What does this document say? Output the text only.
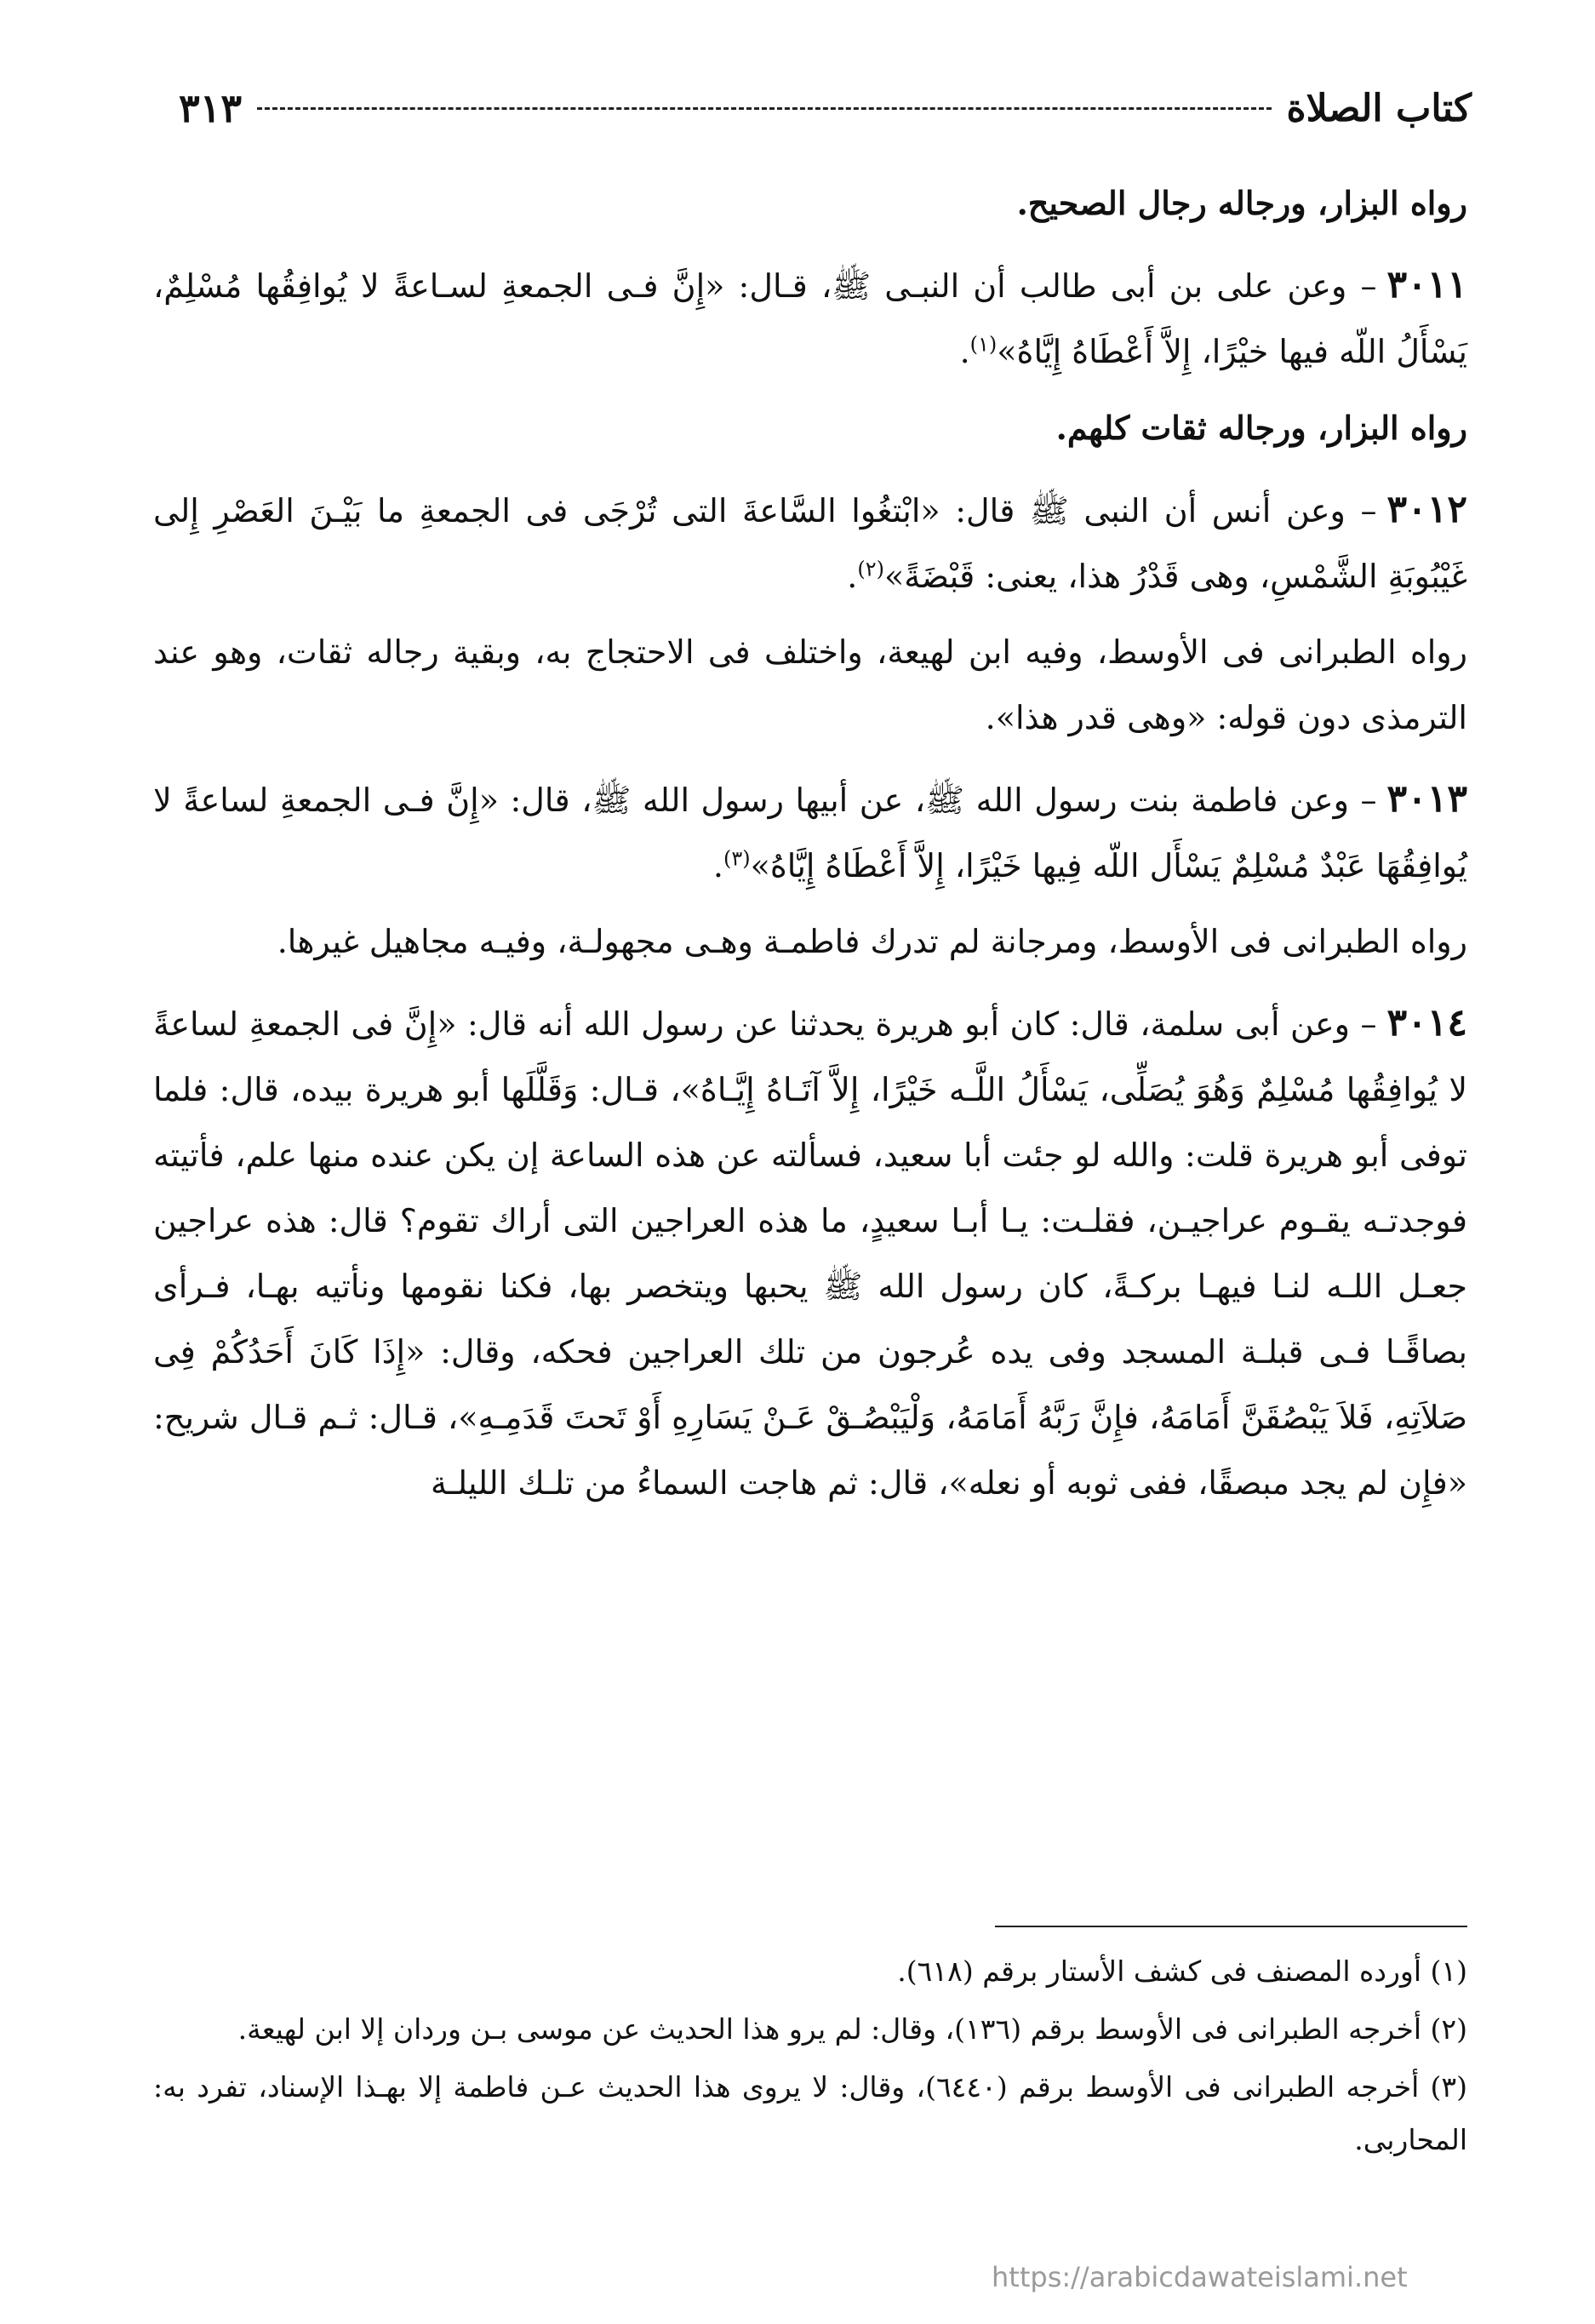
كتاب الصلاة
٣١٣

رواه البزار، ورجاله رجال الصحيح.

٣٠١١– وعن على بن أبى طالب أن النبـى ﷺ، قـال: «إِنَّ فـى الجمعةِ لسـاعةً لا يُوافِقُها مُسْلِمٌ، يَسْأَلُ اللّه فيها خيْرًا، إِلاَّ أَعْطَاهُ إِيَّاهُ»$^{(١)}$.

رواه البزار، ورجاله ثقات كلهم.

٣٠١٢– وعن أنس أن النبى ﷺ قال: «ابْتغُوا السَّاعةَ التى تُرْجَى فى الجمعةِ ما بَيْـنَ العَصْرِ إِلى غَيْبُوبَةِ الشَّمْسِ، وهى قَدْرُ هذا، يعنى: قَبْضَةً»$^{(٢)}$.

رواه الطبرانى فى الأوسط، وفيه ابن لهيعة، واختلف فى الاحتجاج به، وبقية رجاله ثقات، وهو عند الترمذى دون قوله: «وهى قدر هذا».

٣٠١٣– وعن فاطمة بنت رسول الله ﷺ، عن أبيها رسول الله ﷺ، قال: «إِنَّ فـى الجمعةِ لساعةً لا يُوافِقُهَا عَبْدٌ مُسْلِمٌ يَسْأَل اللّه فِيها خَيْرًا، إِلاَّ أَعْطَاهُ إِيَّاهُ»$^{(٣)}$.

رواه الطبرانى فى الأوسط، ومرجانة لم تدرك فاطمـة وهـى مجهولـة، وفيـه مجاهيل غيرها.

٣٠١٤– وعن أبى سلمة، قال: كان أبو هريرة يحدثنا عن رسول الله أنه قال: «إِنَّ فى الجمعةِ لساعةً لا يُوافِقُها مُسْلِمٌ وَهُوَ يُصَلِّى، يَسْأَلُ اللَّـه خَيْرًا، إِلاَّ آتَـاهُ إِيَّـاهُ»، قـال: وَقَلَّلَها أبو هريرة بيده، قال: فلما توفى أبو هريرة قلت: والله لو جئت أبا سعيد، فسألته عن هذه الساعة إن يكن عنده منها علم، فأتيته فوجدتـه يقـوم عراجيـن، فقلـت: يـا أبـا سعيدٍ، ما هذه العراجين التى أراك تقوم؟ قال: هذه عراجين جعـل اللـه لنـا فيهـا بركـةً، كان رسول الله ﷺ يحبها ويتخصر بها، فكنا نقومها ونأتيه بهـا، فـرأى بصاقًـا فـى قبلـة المسجد وفى يده عُرجون من تلك العراجين فحكه، وقال: «إِذَا كَانَ أَحَدُكُمْ فِى صَلاَتِهِ، فَلاَ يَبْصُقَنَّ أَمَامَهُ، فإِنَّ رَبَّهُ أَمَامَهُ، وَلْيَبْصُـقْ عَـنْ يَسَارِهِ أَوْ تَحتَ قَدَمِـهِ»، قـال: ثـم قـال شريح: «فإِن لم يجد مبصقًا، ففى ثوبه أو نعله»، قال: ثم هاجت السماءُ من تلـك الليلـة

(١) أورده المصنف فى كشف الأستار برقم (٦١٨).

(٢) أخرجه الطبرانى فى الأوسط برقم (١٣٦)، وقال: لم يرو هذا الحديث عن موسى بـن وردان إلا ابن لهيعة.

(٣) أخرجه الطبرانى فى الأوسط برقم (٦٤٤٠)، وقال: لا يروى هذا الحديث عـن فاطمة إلا بهـذا الإسناد، تفرد به: المحاربى.

https://arabicdawateislami.net
